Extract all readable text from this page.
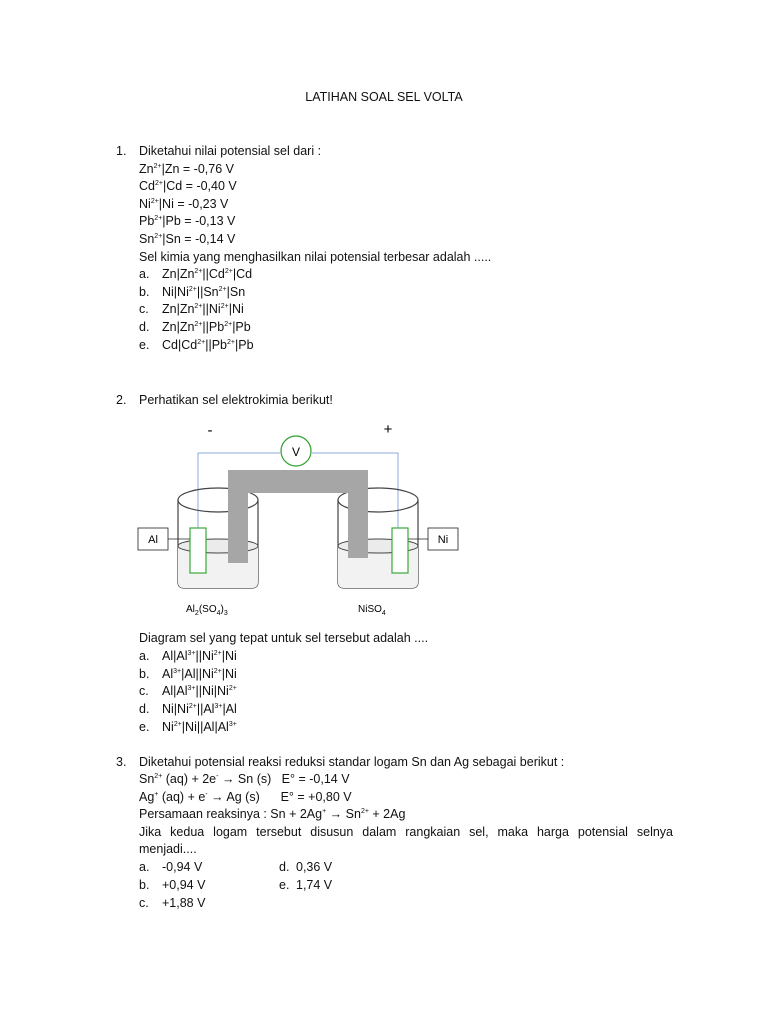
LATIHAN SOAL SEL VOLTA
1. Diketahui nilai potensial sel dari :
$Zn^{2+}|Zn = -0,76$ V
$Cd^{2+}|Cd = -0,40$ V
$Ni^{2+}|Ni = -0,23$ V
$Pb^{2+}|Pb = -0,13$ V
$Sn^{2+}|Sn = -0,14$ V
Sel kimia yang menghasilkan nilai potensial terbesar adalah .....
a. $Zn|Zn^{2+}||Cd^{2+}|Cd$
b. $Ni|Ni^{2+}||Sn^{2+}|Sn$
c. $Zn|Zn^{2+}||Ni^{2+}|Ni$
d. $Zn|Zn^{2+}||Pb^{2+}|Pb$
e. $Cd|Cd^{2+}||Pb^{2+}|Pb$
2. Perhatikan sel elektrokimia berikut!
-	+
V
Al	Ni
$Al_2(SO_4)_3$	NiSO$_4$
Diagram sel yang tepat untuk sel tersebut adalah ....
a. $Al|Al^{3+}||Ni^{2+}|Ni$
b. $Al^{3+}|Al||Ni^{2+}|Ni$
c. $Al|Al^{3+}||Ni|Ni^{2+}$
d. $Ni|Ni^{2+}||Al^{3+}|Al$
e. $Ni^{2+}|Ni||Al|Al^{3+}$
3. Diketahui potensial reaksi reduksi standar logam Sn dan Ag sebagai berikut :
$Sn^{2+}$ (aq) + 2e- → Sn (s)   E° = -0,14 V
Ag+ (aq) + e- → Ag (s)      E° = +0,80 V
Persamaan reaksinya : $Sn + 2Ag^+ \to Sn^{2+} + 2Ag$
Jika kedua logam tersebut disusun dalam rangkaian sel, maka harga potensial selnya
menjadi....
a. -0,94 V
b. +0,94 V
c. +1,88 V
d. 0,36 V
e. 1,74 V
